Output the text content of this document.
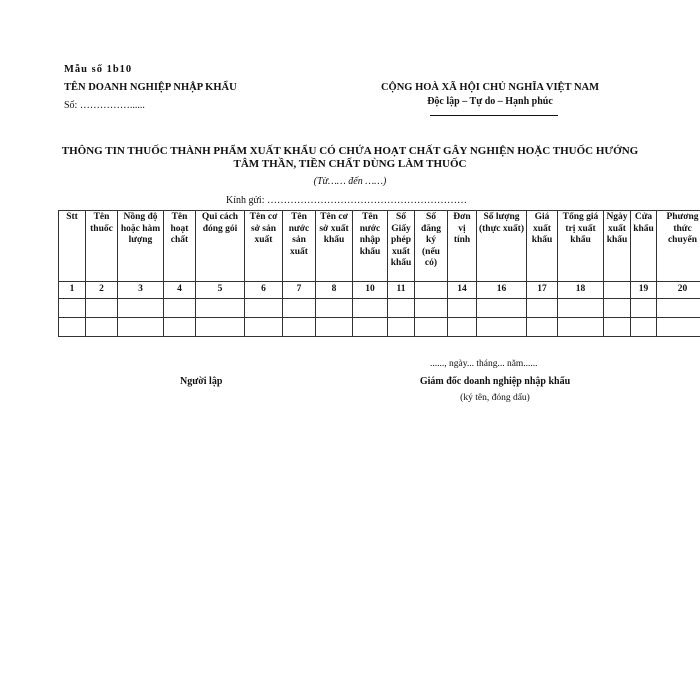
Mẫu số 1b10
TÊN DOANH NGHIỆP NHẬP KHẨU
Số: ……………......
CỘNG HOÀ XÃ HỘI CHỦ NGHĨA VIỆT NAM
Độc lập – Tự do – Hạnh phúc
THÔNG TIN THUỐC THÀNH PHẨM XUẤT KHẨU CÓ CHỨA HOẠT CHẤT GÂY NGHIỆN HOẶC THUỐC HƯỚNG
TÂM THẦN, TIỀN CHẤT DÙNG LÀM THUỐC
(Từ…… đến ……)
Kính gửi: ……………………………………………………
Stt	Tên thuốc	Nồng độ hoặc hàm lượng	Tên hoạt chất	Qui cách đóng gói	Tên cơ sở sản xuất	Tên nước sản xuất	Tên cơ sở xuất khẩu	Tên nước nhập khẩu	Số Giấy phép xuất khẩu	Số đăng ký (nếu có)	Đơn vị tính	Số lượng (thực xuất)	Giá xuất khẩu	Tổng giá trị xuất khẩu	Ngày xuất khẩu	Cửa khẩu	Phương thức chuyển
1	2	3	4	5	6	7	8	10	11		14	16	17	18		19	20

......, ngày... tháng... năm......
Người lập	Giám đốc doanh nghiệp nhập khẩu
(ký tên, đóng dấu)
